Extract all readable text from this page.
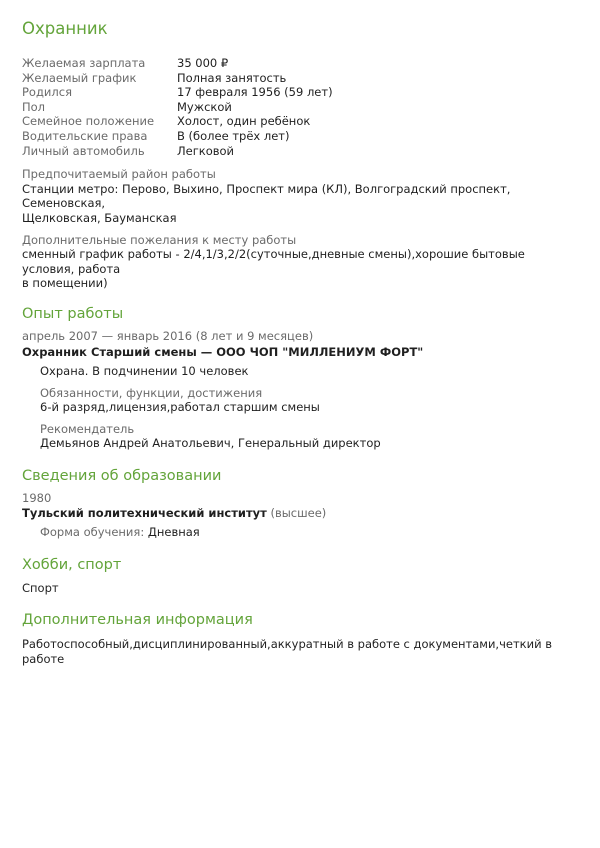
Охранник
Желаемая зарплата	35 000 ₽
Желаемый график	Полная занятость
Родился	17 февраля 1956 (59 лет)
Пол	Мужской
Семейное положение	Холост, один ребёнок
Водительские права	B (более трёх лет)
Личный автомобиль	Легковой
Предпочитаемый район работы
Станции метро: Перово, Выхино, Проспект мира (КЛ), Волгоградский проспект, Семеновская,
Щелковская, Бауманская
Дополнительные пожелания к месту работы
сменный график работы - 2/4,1/3,2/2(суточные,дневные смены),хорошие бытовые условия, работа
в помещении)
Опыт работы
апрель 2007 — январь 2016 (8 лет и 9 месяцев)
Охранник Старший смены — ООО ЧОП "МИЛЛЕНИУМ ФОРТ"
Охрана. В подчинении 10 человек
Обязанности, функции, достижения
6-й разряд,лицензия,работал старшим смены
Рекомендатель
Демьянов Андрей Анатольевич, Генеральный директор
Сведения об образовании
1980
Тульский политехнический институт (высшее)
Форма обучения: Дневная
Хобби, спорт
Спорт
Дополнительная информация
Работоспособный,дисциплинированный,аккуратный в работе с документами,четкий в работе
